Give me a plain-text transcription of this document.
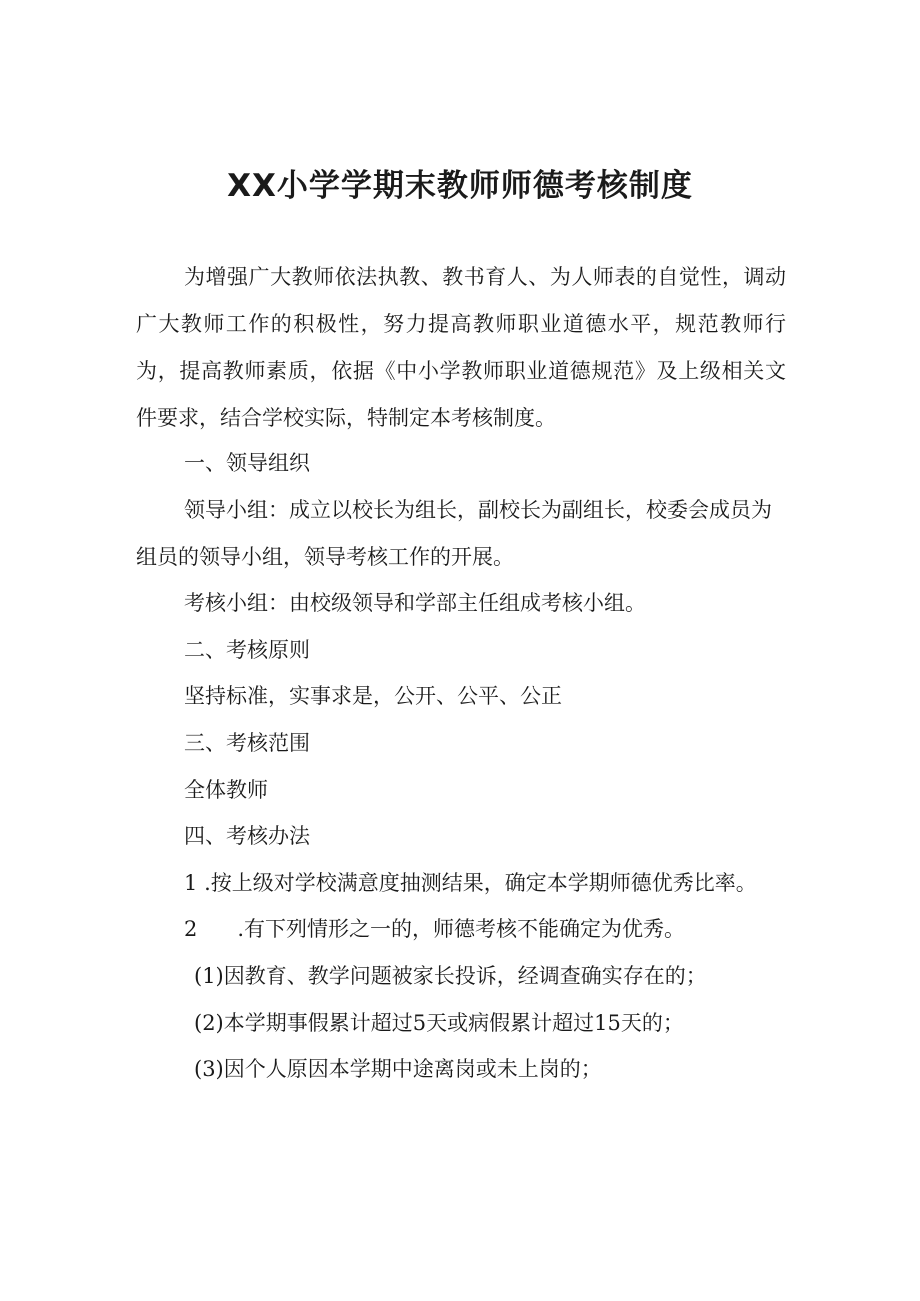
XX小学学期末教师师德考核制度

为增强广大教师依法执教、教书育人、为人师表的自觉性，调动广大教师工作的积极性，努力提高教师职业道德水平，规范教师行为，提高教师素质，依据《中小学教师职业道德规范》及上级相关文件要求，结合学校实际，特制定本考核制度。

一、领导组织

领导小组：成立以校长为组长，副校长为副组长，校委会成员为组员的领导小组，领导考核工作的开展。

考核小组：由校级领导和学部主任组成考核小组。

二、考核原则

坚持标准，实事求是，公开、公平、公正

三、考核范围

全体教师

四、考核办法

1 .按上级对学校满意度抽测结果，确定本学期师德优秀比率。

2 .有下列情形之一的，师德考核不能确定为优秀。

(1)因教育、教学问题被家长投诉，经调查确实存在的；

(2)本学期事假累计超过5天或病假累计超过15天的；

(3)因个人原因本学期中途离岗或未上岗的；
